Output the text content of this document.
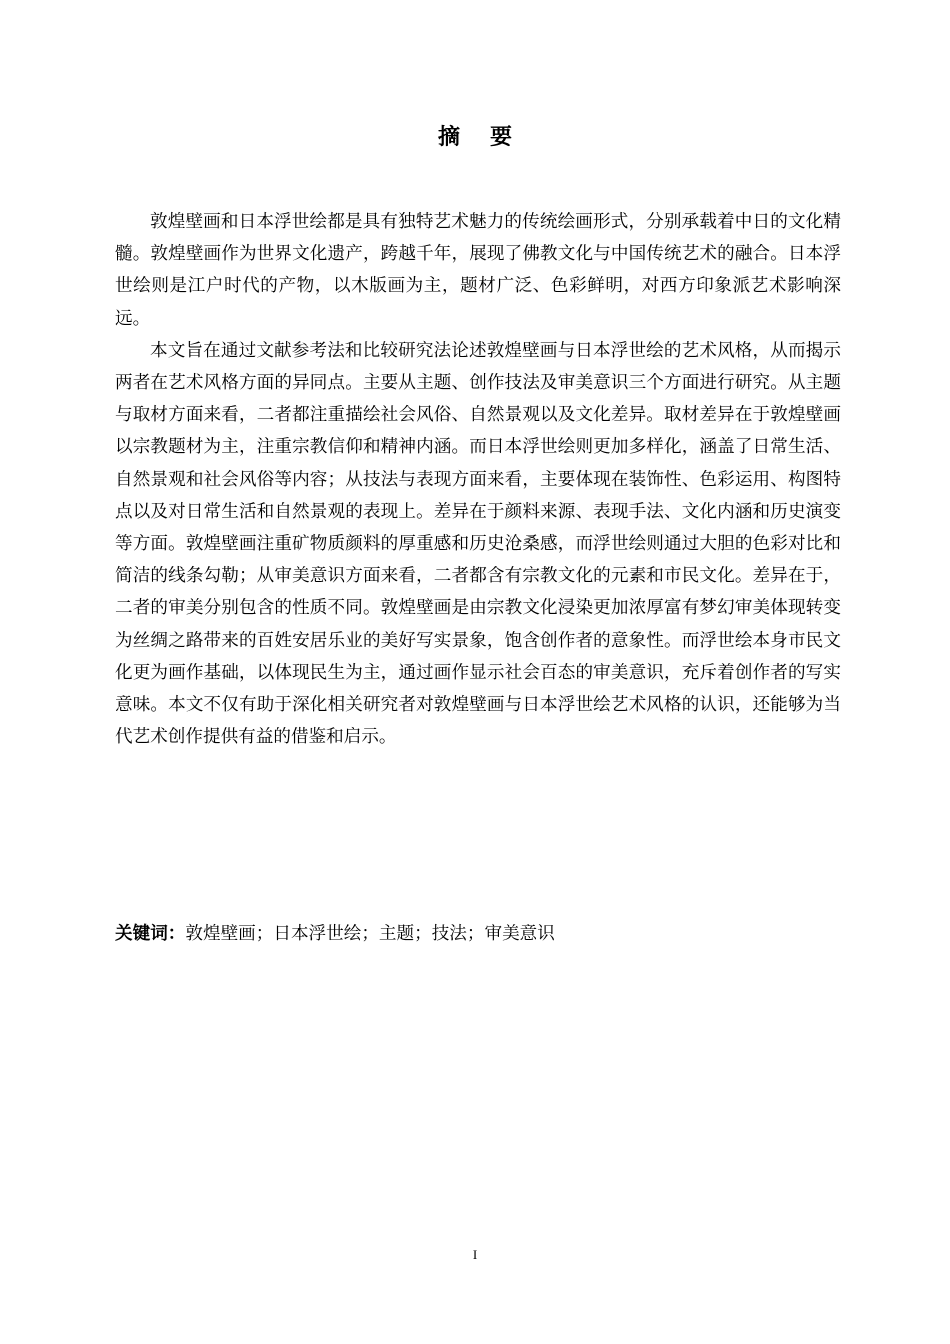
摘要

敦煌壁画和日本浮世绘都是具有独特艺术魅力的传统绘画形式，分别承载着中日的文化精髓。敦煌壁画作为世界文化遗产，跨越千年，展现了佛教文化与中国传统艺术的融合。日本浮世绘则是江户时代的产物，以木版画为主，题材广泛、色彩鲜明，对西方印象派艺术影响深远。

本文旨在通过文献参考法和比较研究法论述敦煌壁画与日本浮世绘的艺术风格，从而揭示两者在艺术风格方面的异同点。主要从主题、创作技法及审美意识三个方面进行研究。从主题与取材方面来看，二者都注重描绘社会风俗、自然景观以及文化差异。取材差异在于敦煌壁画以宗教题材为主，注重宗教信仰和精神内涵。而日本浮世绘则更加多样化，涵盖了日常生活、自然景观和社会风俗等内容；从技法与表现方面来看，主要体现在装饰性、色彩运用、构图特点以及对日常生活和自然景观的表现上。差异在于颜料来源、表现手法、文化内涵和历史演变等方面。敦煌壁画注重矿物质颜料的厚重感和历史沧桑感，而浮世绘则通过大胆的色彩对比和简洁的线条勾勒；从审美意识方面来看，二者都含有宗教文化的元素和市民文化。差异在于，二者的审美分别包含的性质不同。敦煌壁画是由宗教文化浸染更加浓厚富有梦幻审美体现转变为丝绸之路带来的百姓安居乐业的美好写实景象，饱含创作者的意象性。而浮世绘本身市民文化更为画作基础，以体现民生为主，通过画作显示社会百态的审美意识，充斥着创作者的写实意味。本文不仅有助于深化相关研究者对敦煌壁画与日本浮世绘艺术风格的认识，还能够为当代艺术创作提供有益的借鉴和启示。

关键词：敦煌壁画；日本浮世绘；主题；技法；审美意识
I
